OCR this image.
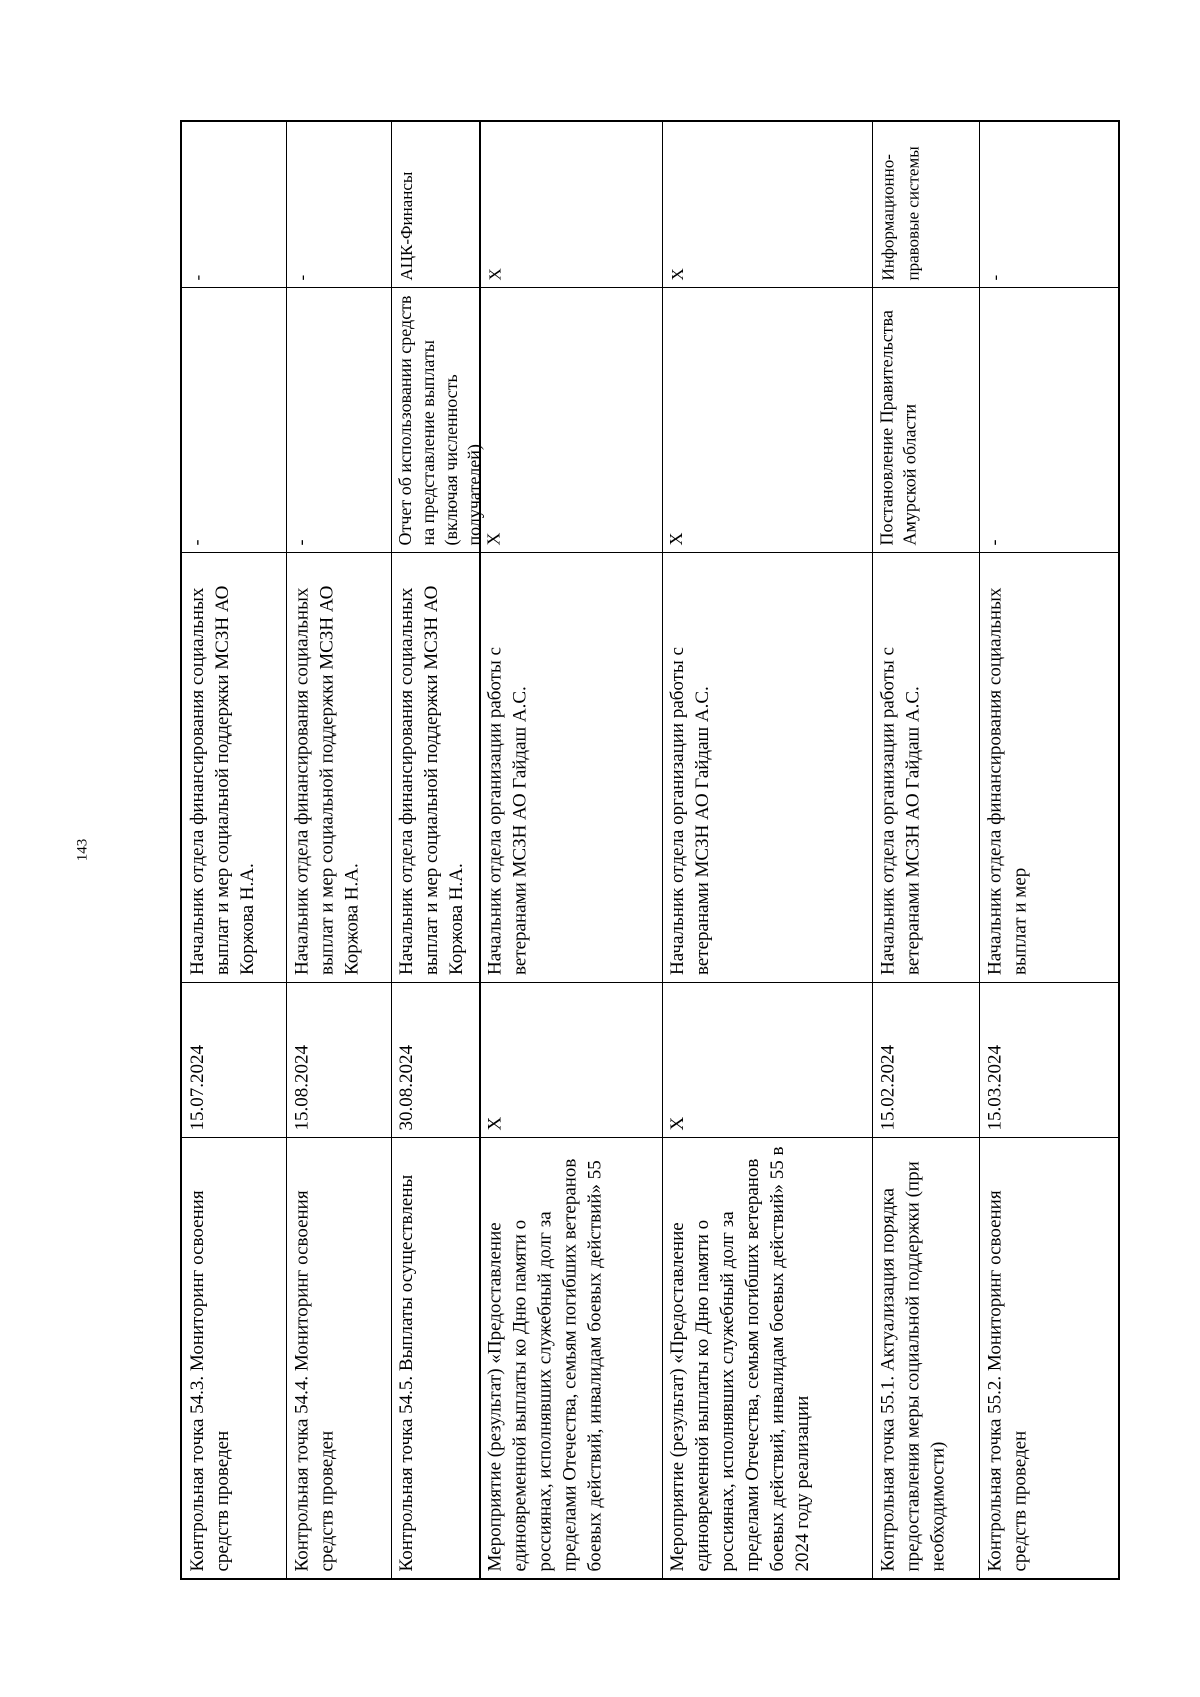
143
-
-
Начальник отдела финансирования социальных выплат и мер социальной поддержки МСЗН АО Коржова Н.А.
15.07.2024
Контрольная точка 54.3. Мониторинг освоения средств проведен
-
-
Начальник отдела финансирования социальных выплат и мер социальной поддержки МСЗН АО Коржова Н.А.
15.08.2024
Контрольная точка 54.4. Мониторинг освоения средств проведен
АЦК-Финансы
Отчет об использовании средств на представление выплаты (включая численность получателей)
Начальник отдела финансирования социальных выплат и мер социальной поддержки МСЗН АО Коржова Н.А.
30.08.2024
Контрольная точка 54.5. Выплаты осуществлены
X
X
Начальник отдела организации работы с ветеранами МСЗН АО Гайдаш А.С.
X
Мероприятие (результат) «Предоставление единовременной выплаты ко Дню памяти о россиянах, исполнявших служебный долг за пределами Отечества, семьям погибших ветеранов боевых действий, инвалидам боевых действий» 55
X
X
Начальник отдела организации работы с ветеранами МСЗН АО Гайдаш А.С.
X
Мероприятие (результат) «Предоставление единовременной выплаты ко Дню памяти о россиянах, исполнявших служебный долг за пределами Отечества, семьям погибших ветеранов боевых действий, инвалидам боевых действий» 55 в 2024 году реализации
Информационно-правовые системы
Постановление Правительства Амурской области
Начальник отдела организации работы с ветеранами МСЗН АО Гайдаш А.С.
15.02.2024
Контрольная точка 55.1. Актуализация порядка предоставления меры социальной поддержки (при необходимости)
-
-
Начальник отдела финансирования социальных выплат и мер
15.03.2024
Контрольная точка 55.2. Мониторинг освоения средств проведен
